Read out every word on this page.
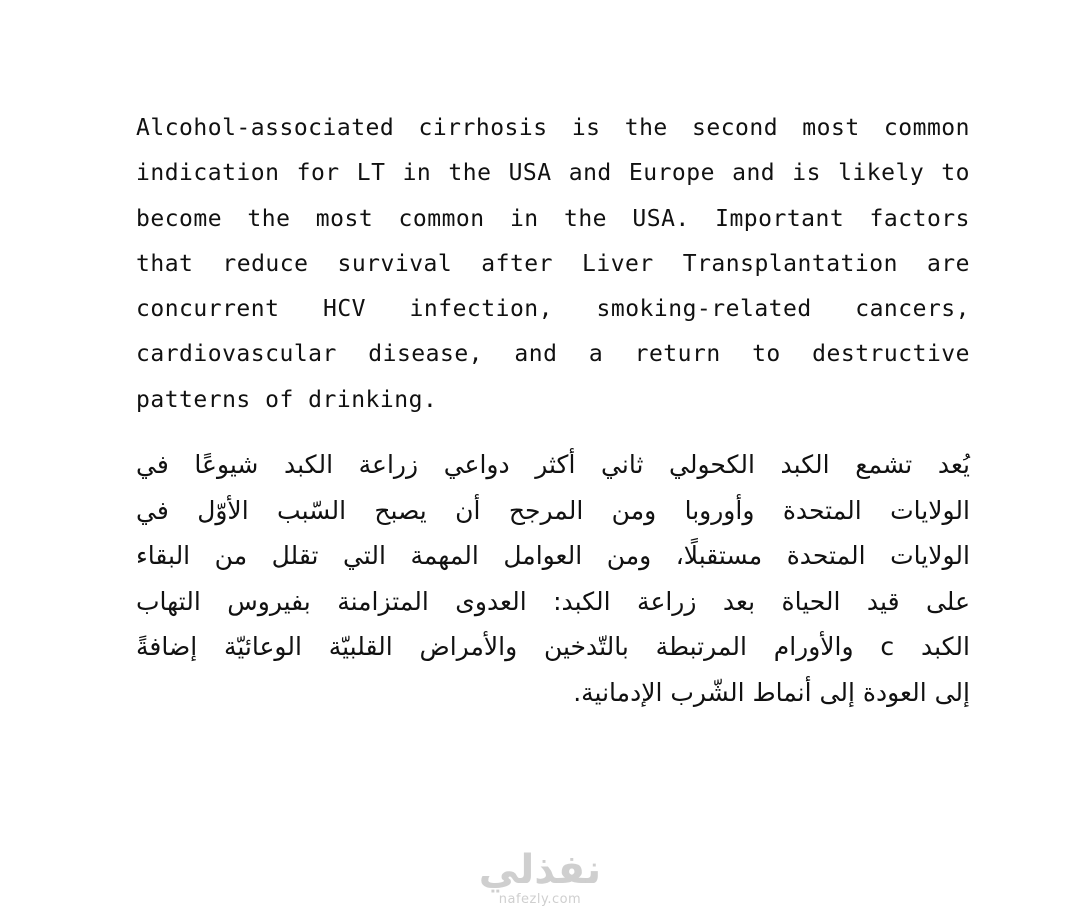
Alcohol-associated cirrhosis is the second most common
indication for LT in the USA and Europe and is likely to
become the most common in the USA. Important factors
that reduce survival after Liver Transplantation are
concurrent HCV infection, smoking-related cancers,
cardiovascular disease, and a return to destructive
patterns of drinking.
يُعد تشمع الكبد الكحولي ثاني أكثر دواعي زراعة الكبد شيوعًا في
الولايات المتحدة وأوروبا ومن المرجح أن يصبح السّبب الأوّل في
الولايات المتحدة مستقبلًا، ومن العوامل المهمة التي تقلل من البقاء
على قيد الحياة بعد زراعة الكبد: العدوى المتزامنة بفيروس التهاب
الكبد c والأورام المرتبطة بالتّدخين والأمراض القلبيّة الوعائيّة إضافةً
إلى العودة إلى أنماط الشّرب الإدمانية.
نفذلي
nafezly.com
